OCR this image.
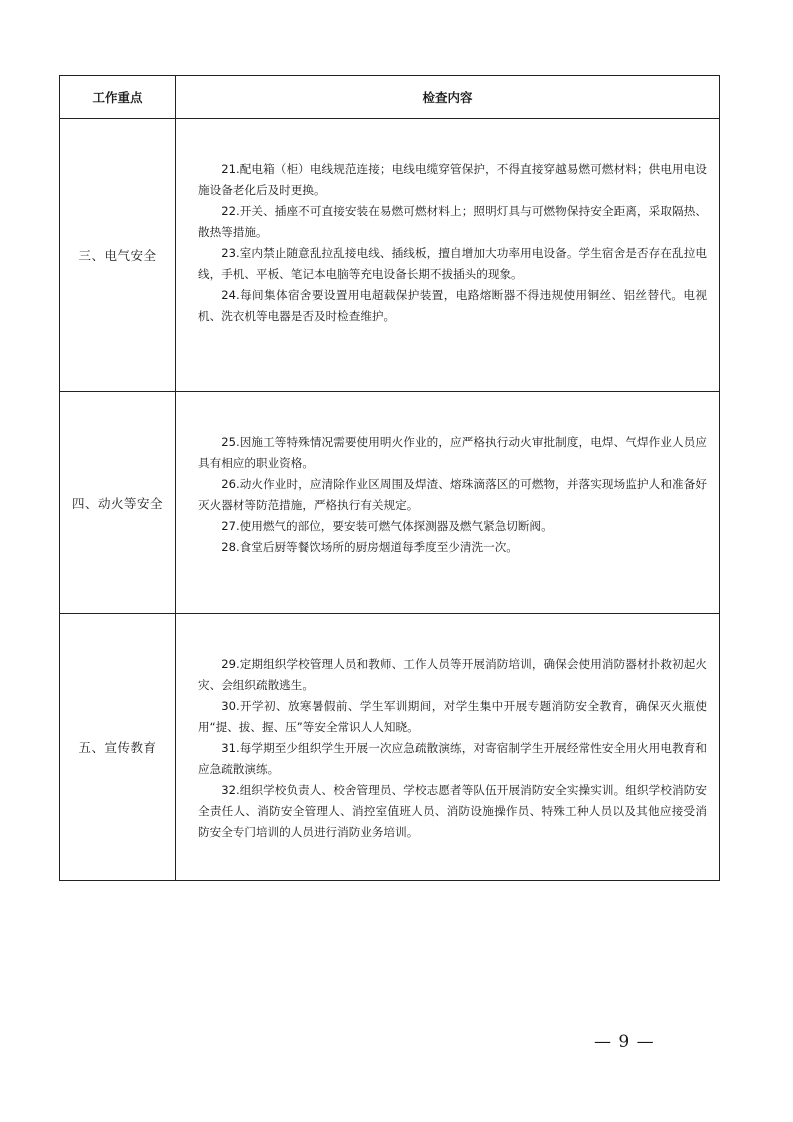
工作重点	检查内容
三、电气安全	21.配电箱（柜）电线规范连接；电线电缆穿管保护，不得直接穿越易燃可燃材料；供电用电设施设备老化后及时更换。

22.开关、插座不可直接安装在易燃可燃材料上；照明灯具与可燃物保持安全距离，采取隔热、散热等措施。

23.室内禁止随意乱拉乱接电线、插线板，擅自增加大功率用电设备。学生宿舍是否存在乱拉电线，手机、平板、笔记本电脑等充电设备长期不拔插头的现象。

24.每间集体宿舍要设置用电超载保护装置，电路熔断器不得违规使用铜丝、铝丝替代。电视机、洗衣机等电器是否及时检查维护。

四、动火等安全	25.因施工等特殊情况需要使用明火作业的，应严格执行动火审批制度，电焊、气焊作业人员应具有相应的职业资格。

26.动火作业时，应清除作业区周围及焊渣、熔珠滴落区的可燃物，并落实现场监护人和准备好灭火器材等防范措施，严格执行有关规定。

27.使用燃气的部位，要安装可燃气体探测器及燃气紧急切断阀。

28.食堂后厨等餐饮场所的厨房烟道每季度至少清洗一次。

五、宣传教育	29.定期组织学校管理人员和教师、工作人员等开展消防培训，确保会使用消防器材扑救初起火灾、会组织疏散逃生。

30.开学初、放寒暑假前、学生军训期间，对学生集中开展专题消防安全教育，确保灭火瓶使用“提、拔、握、压”等安全常识人人知晓。

31.每学期至少组织学生开展一次应急疏散演练，对寄宿制学生开展经常性安全用火用电教育和应急疏散演练。

32.组织学校负责人、校舍管理员、学校志愿者等队伍开展消防安全实操实训。组织学校消防安全责任人、消防安全管理人、消控室值班人员、消防设施操作员、特殊工种人员以及其他应接受消防安全专门培训的人员进行消防业务培训。

— 9 —
